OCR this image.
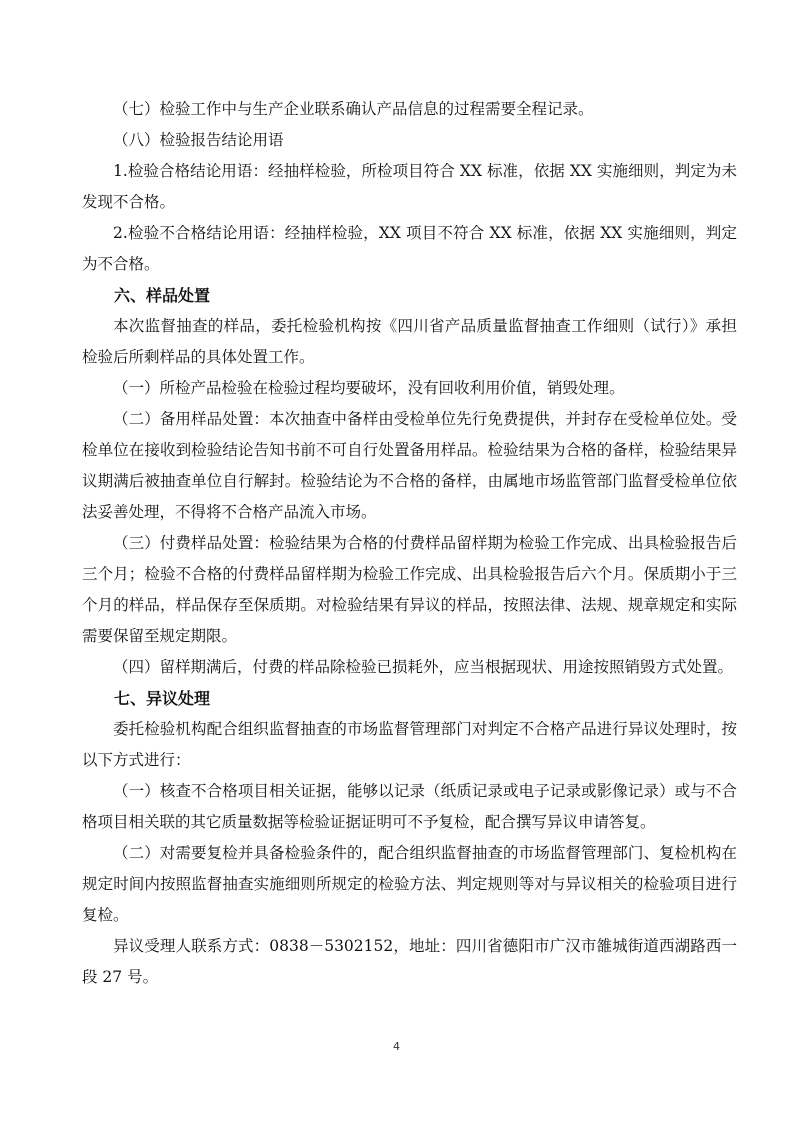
（七）检验工作中与生产企业联系确认产品信息的过程需要全程记录。

（八）检验报告结论用语

1.检验合格结论用语：经抽样检验，所检项目符合 XX 标准，依据 XX 实施细则，判定为未发现不合格。

2.检验不合格结论用语：经抽样检验，XX 项目不符合 XX 标准，依据 XX 实施细则，判定为不合格。

六、样品处置

本次监督抽查的样品，委托检验机构按《四川省产品质量监督抽查工作细则（试行）》承担检验后所剩样品的具体处置工作。

（一）所检产品检验在检验过程均要破坏，没有回收利用价值，销毁处理。

（二）备用样品处置：本次抽查中备样由受检单位先行免费提供，并封存在受检单位处。受检单位在接收到检验结论告知书前不可自行处置备用样品。检验结果为合格的备样，检验结果异议期满后被抽查单位自行解封。检验结论为不合格的备样，由属地市场监管部门监督受检单位依法妥善处理，不得将不合格产品流入市场。

（三）付费样品处置：检验结果为合格的付费样品留样期为检验工作完成、出具检验报告后三个月；检验不合格的付费样品留样期为检验工作完成、出具检验报告后六个月。保质期小于三个月的样品，样品保存至保质期。对检验结果有异议的样品，按照法律、法规、规章规定和实际需要保留至规定期限。

（四）留样期满后，付费的样品除检验已损耗外，应当根据现状、用途按照销毁方式处置。

七、异议处理

委托检验机构配合组织监督抽查的市场监督管理部门对判定不合格产品进行异议处理时，按以下方式进行：

（一）核查不合格项目相关证据，能够以记录（纸质记录或电子记录或影像记录）或与不合格项目相关联的其它质量数据等检验证据证明可不予复检，配合撰写异议申请答复。

（二）对需要复检并具备检验条件的，配合组织监督抽查的市场监督管理部门、复检机构在规定时间内按照监督抽查实施细则所规定的检验方法、判定规则等对与异议相关的检验项目进行复检。

异议受理人联系方式：0838－5302152，地址：四川省德阳市广汉市雒城街道西湖路西一段 27 号。

4
